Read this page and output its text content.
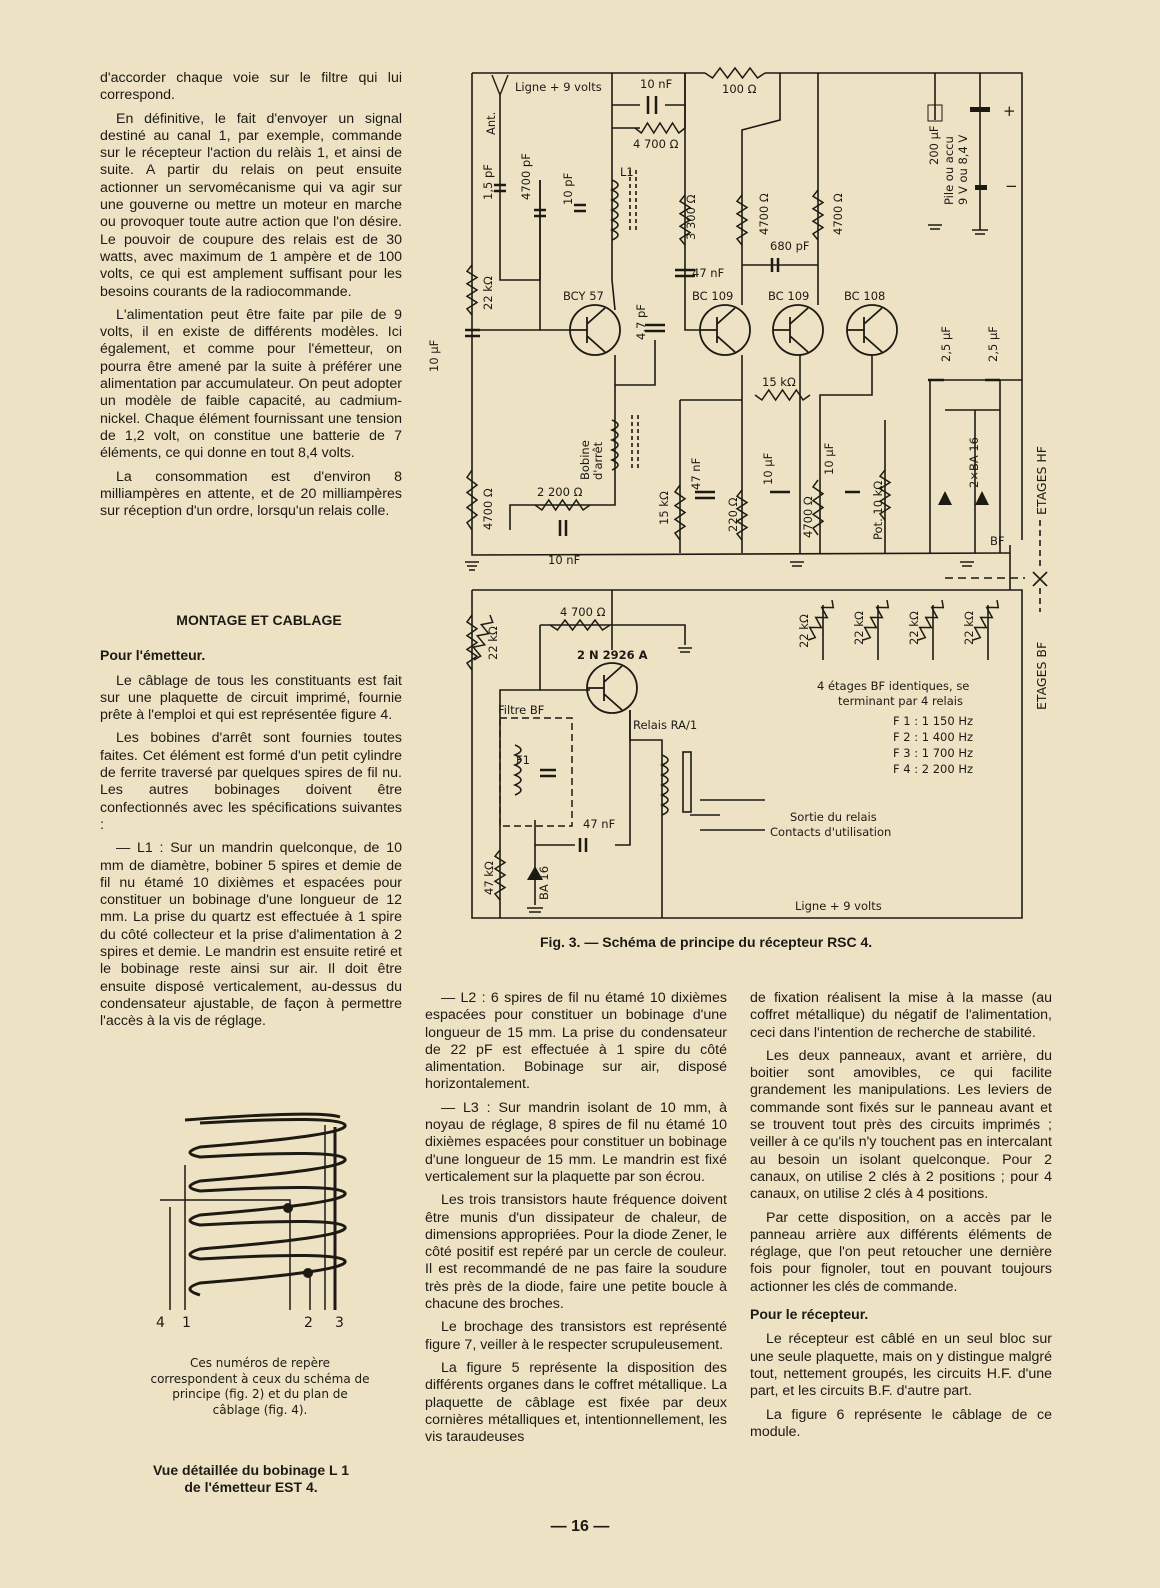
d'accorder chaque voie sur le filtre qui lui correspond.

En définitive, le fait d'envoyer un signal destiné au canal 1, par exemple, commande sur le récepteur l'action du relàis 1, et ainsi de suite. A partir du relais on peut ensuite actionner un servomécanisme qui va agir sur une gouverne ou mettre un moteur en marche ou provoquer toute autre action que l'on désire. Le pouvoir de coupure des relais est de 30 watts, avec maximum de 1 ampère et de 100 volts, ce qui est amplement suffisant pour les besoins courants de la radiocommande.

L'alimentation peut être faite par pile de 9 volts, il en existe de différents modèles. Ici également, et comme pour l'émetteur, on pourra être amené par la suite à préférer une alimentation par accumulateur. On peut adopter un modèle de faible capacité, au cadmium-nickel. Chaque élément fournissant une tension de 1,2 volt, on constitue une batterie de 7 éléments, ce qui donne en tout 8,4 volts.

La consommation est d'environ 8 milliampères en attente, et de 20 milliampères sur réception d'un ordre, lorsqu'un relais colle.

MONTAGE ET CABLAGE

Pour l'émetteur.

Le câblage de tous les constituants est fait sur une plaquette de circuit imprimé, fournie prête à l'emploi et qui est représentée figure 4.

Les bobines d'arrêt sont fournies toutes faites. Cet élément est formé d'un petit cylindre de ferrite traversé par quelques spires de fil nu. Les autres bobinages doivent être confectionnés avec les spécifications suivantes :

— L1 : Sur un mandrin quelconque, de 10 mm de diamètre, bobiner 5 spires et demie de fil nu étamé 10 dixièmes et espacées pour constituer un bobinage d'une longueur de 12 mm. La prise du quartz est effectuée à 1 spire du côté collecteur et la prise d'alimentation à 2 spires et demie. Le mandrin est ensuite retiré et le bobinage reste ainsi sur air. Il doit être ensuite disposé verticalement, au-dessus du condensateur ajustable, de façon à permettre l'accès à la vis de réglage.

4 1	2 3
Ces numéros de repère correspondent à ceux du schéma de principe (fig. 2) et du plan de câblage (fig. 4).
Vue détaillée du bobinage L 1
de l'émetteur EST 4.
Ligne + 9 volts	10 nF	100 Ω
4 700 Ω
Ant.
1,5 pF 4700 pF 10 pF
L1
3 300 Ω
47 nF
4700 Ω
680 pF
4700 Ω
200 µF Pile ou accu 9 V ou 8,4 V
+
−
22 kΩ
10 µF
BCY 57
4,7 pF
BC 109	BC 109	BC 108
2,5 µF	2,5 µF
15 kΩ
Bobine d'arrêt	47 nF	10 µF	10 µF	2×BA 16	ETAGES HF
BF
4700 Ω	2 200 Ω
10 nF
15 kΩ	220 Ω	4700 Ω	Pot. 10 kΩ
ETAGES BF
22 kΩ
4 700 Ω
2 N 2926 A
Filtre BF
F1
Relais RA/1
47 nF
47 kΩ	BA 16
Ligne + 9 volts
22 kΩ	22 kΩ	22 kΩ	22 kΩ
4 étages BF identiques, se
terminant par 4 relais
F 1 : 1 150 Hz
F 2 : 1 400 Hz
F 3 : 1 700 Hz
F 4 : 2 200 Hz
Sortie du relais
Contacts d'utilisation
Fig. 3. — Schéma de principe du récepteur RSC 4.

— L2 : 6 spires de fil nu étamé 10 dixièmes espacées pour constituer un bobinage d'une longueur de 15 mm. La prise du condensateur de 22 pF est effectuée à 1 spire du côté alimentation. Bobinage sur air, disposé horizontalement.

— L3 : Sur mandrin isolant de 10 mm, à noyau de réglage, 8 spires de fil nu étamé 10 dixièmes espacées pour constituer un bobinage d'une longueur de 15 mm. Le mandrin est fixé verticalement sur la plaquette par son écrou.

Les trois transistors haute fréquence doivent être munis d'un dissipateur de chaleur, de dimensions appropriées. Pour la diode Zener, le côté positif est repéré par un cercle de couleur. Il est recommandé de ne pas faire la soudure très près de la diode, faire une petite boucle à chacune des broches.

Le brochage des transistors est représenté figure 7, veiller à le respecter scrupuleusement.

La figure 5 représente la disposition des différents organes dans le coffret métallique. La plaquette de câblage est fixée par deux cornières métalliques et, intentionnellement, les vis taraudeuses

de fixation réalisent la mise à la masse (au coffret métallique) du négatif de l'alimentation, ceci dans l'intention de recherche de stabilité.

Les deux panneaux, avant et arrière, du boitier sont amovibles, ce qui facilite grandement les manipulations. Les leviers de commande sont fixés sur le panneau avant et se trouvent tout près des circuits imprimés ; veiller à ce qu'ils n'y touchent pas en intercalant au besoin un isolant quelconque. Pour 2 canaux, on utilise 2 clés à 2 positions ; pour 4 canaux, on utilise 2 clés à 4 positions.

Par cette disposition, on a accès par le panneau arrière aux différents éléments de réglage, que l'on peut retoucher une dernière fois pour fignoler, tout en pouvant toujours actionner les clés de commande.

Pour le récepteur.

Le récepteur est câblé en un seul bloc sur une seule plaquette, mais on y distingue malgré tout, nettement groupés, les circuits H.F. d'une part, et les circuits B.F. d'autre part.

La figure 6 représente le câblage de ce module.

— 16 —
